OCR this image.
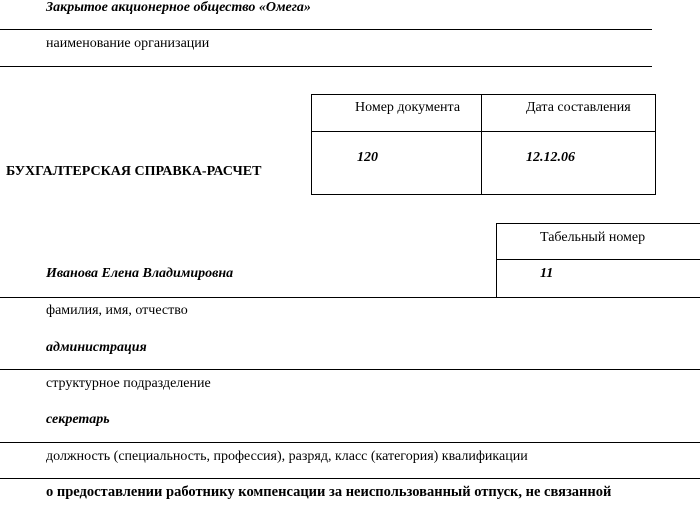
Закрытое акционерное общество «Омега»
наименование организации
Номер документа	Дата составления
120	12.12.06
БУХГАЛТЕРСКАЯ СПРАВКА-РАСЧЕТ
Табельный номер
11
Иванова Елена Владимировна
фамилия, имя, отчество
администрация
структурное подразделение
секретарь
должность (специальность, профессия), разряд, класс (категория) квалификации
о предоставлении работнику компенсации за неиспользованный отпуск, не связанной
